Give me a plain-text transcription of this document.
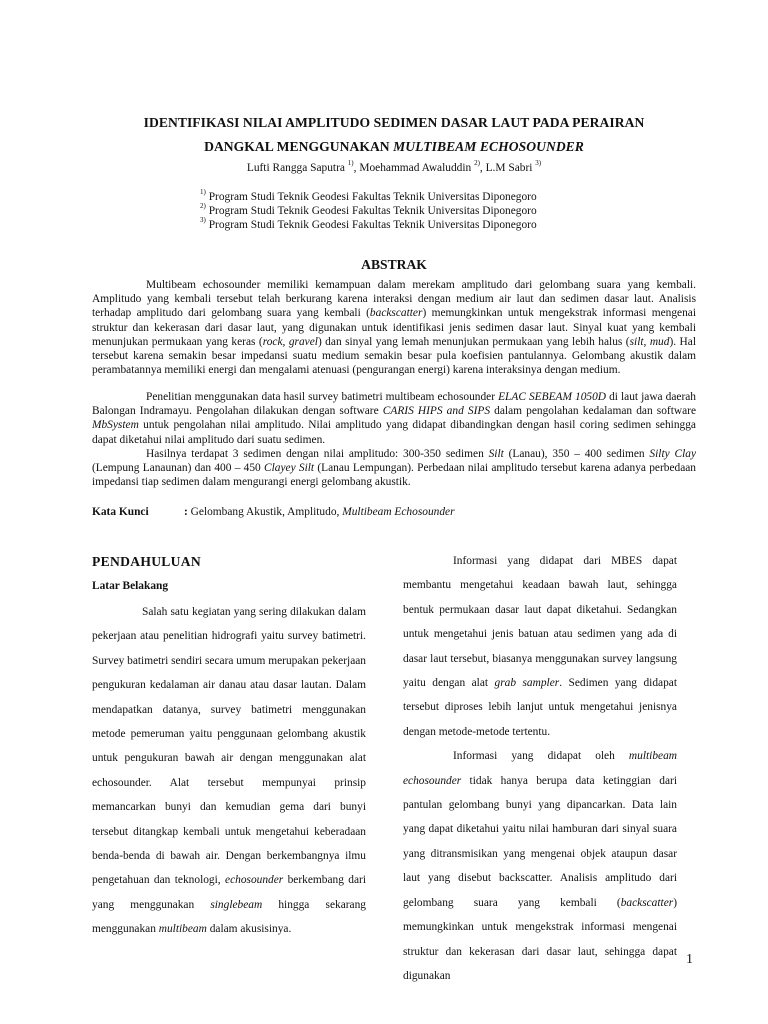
IDENTIFIKASI NILAI AMPLITUDO SEDIMEN DASAR LAUT PADA PERAIRAN
DANGKAL MENGGUNAKAN MULTIBEAM ECHOSOUNDER
Lufti Rangga Saputra $^{1)}$, Moehammad Awaluddin $^{2)}$, L.M Sabri $^{3)}$
$^{1)}$ Program Studi Teknik Geodesi Fakultas Teknik Universitas Diponegoro
$^{2)}$ Program Studi Teknik Geodesi Fakultas Teknik Universitas Diponegoro
$^{3)}$ Program Studi Teknik Geodesi Fakultas Teknik Universitas Diponegoro
ABSTRAK

Multibeam echosounder memiliki kemampuan dalam merekam amplitudo dari gelombang suara yang kembali. Amplitudo yang kembali tersebut telah berkurang karena interaksi dengan medium air laut dan sedimen dasar laut. Analisis terhadap amplitudo dari gelombang suara yang kembali (backscatter) memungkinkan untuk mengekstrak informasi mengenai struktur dan kekerasan dari dasar laut, yang digunakan untuk identifikasi jenis sedimen dasar laut. Sinyal kuat yang kembali menunjukan permukaan yang keras (rock, gravel) dan sinyal yang lemah menunjukan permukaan yang lebih halus (silt, mud). Hal tersebut karena semakin besar impedansi suatu medium semakin besar pula koefisien pantulannya. Gelombang akustik dalam perambatannya memiliki energi dan mengalami atenuasi (pengurangan energi) karena interaksinya dengan medium.

Penelitian menggunakan data hasil survey batimetri multibeam echosounder ELAC SEBEAM 1050D di laut jawa daerah Balongan Indramayu. Pengolahan dilakukan dengan software CARIS HIPS and SIPS dalam pengolahan kedalaman dan software MbSystem untuk pengolahan nilai amplitudo. Nilai amplitudo yang didapat dibandingkan dengan hasil coring sedimen sehingga dapat diketahui nilai amplitudo dari suatu sedimen.

Hasilnya terdapat 3 sedimen dengan nilai amplitudo: 300-350 sedimen Silt (Lanau), 350 – 400 sedimen Silty Clay (Lempung Lanaunan) dan 400 – 450 Clayey Silt (Lanau Lempungan). Perbedaan nilai amplitudo tersebut karena adanya perbedaan impedansi tiap sedimen dalam mengurangi energi gelombang akustik.

Kata Kunci	: Gelombang Akustik, Amplitudo, Multibeam Echosounder

PENDAHULUAN

Latar Belakang

Salah satu kegiatan yang sering dilakukan dalam pekerjaan atau penelitian hidrografi yaitu survey batimetri. Survey batimetri sendiri secara umum merupakan pekerjaan pengukuran kedalaman air danau atau dasar lautan. Dalam mendapatkan datanya, survey batimetri menggunakan metode pemeruman yaitu penggunaan gelombang akustik untuk pengukuran bawah air dengan menggunakan alat echosounder. Alat tersebut mempunyai prinsip memancarkan bunyi dan kemudian gema dari bunyi tersebut ditangkap kembali untuk mengetahui keberadaan benda-benda di bawah air. Dengan berkembangnya ilmu pengetahuan dan teknologi, echosounder berkembang dari yang menggunakan singlebeam hingga sekarang menggunakan multibeam dalam akusisinya.

Informasi yang didapat dari MBES dapat membantu mengetahui keadaan bawah laut, sehingga bentuk permukaan dasar laut dapat diketahui. Sedangkan untuk mengetahui jenis batuan atau sedimen yang ada di dasar laut tersebut, biasanya menggunakan survey langsung yaitu dengan alat grab sampler. Sedimen yang didapat tersebut diproses lebih lanjut untuk mengetahui jenisnya dengan metode-metode tertentu.

Informasi yang didapat oleh multibeam echosounder tidak hanya berupa data ketinggian dari pantulan gelombang bunyi yang dipancarkan. Data lain yang dapat diketahui yaitu nilai hamburan dari sinyal suara yang ditransmisikan yang mengenai objek ataupun dasar laut yang disebut backscatter. Analisis amplitudo dari gelombang suara yang kembali (backscatter) memungkinkan untuk mengekstrak informasi mengenai struktur dan kekerasan dari dasar laut, sehingga dapat digunakan

1
